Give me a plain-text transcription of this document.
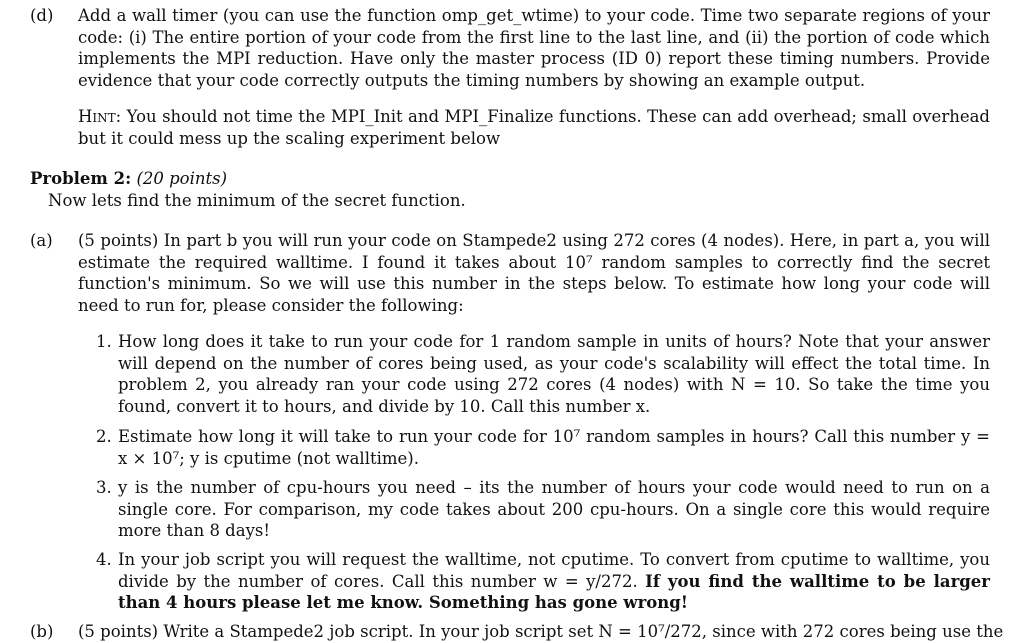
(d) Add a wall timer (you can use the function omp_get_wtime) to your code. Time two separate regions of your code: (i) The entire portion of your code from the first line to the last line, and (ii) the portion of code which implements the MPI reduction. Have only the master process (ID 0) report these timing numbers. Provide evidence that your code correctly outputs the timing numbers by showing an example output.
Hint: You should not time the MPI_Init and MPI_Finalize functions. These can add overhead; small overhead but it could mess up the scaling experiment below
Problem 2: (20 points)
Now lets find the minimum of the secret function.
(a) (5 points) In part b you will run your code on Stampede2 using 272 cores (4 nodes). Here, in part a, you will estimate the required walltime. I found it takes about 10⁷ random samples to correctly find the secret function's minimum. So we will use this number in the steps below. To estimate how long your code will need to run for, please consider the following:
1. How long does it take to run your code for 1 random sample in units of hours? Note that your answer will depend on the number of cores being used, as your code's scalability will effect the total time. In problem 2, you already ran your code using 272 cores (4 nodes) with N = 10. So take the time you found, convert it to hours, and divide by 10. Call this number x.
2. Estimate how long it will take to run your code for 10⁷ random samples in hours? Call this number y = x × 10⁷; y is cputime (not walltime).
3. y is the number of cpu-hours you need – its the number of hours your code would need to run on a single core. For comparison, my code takes about 200 cpu-hours. On a single core this would require more than 8 days!
4. In your job script you will request the walltime, not cputime. To convert from cputime to walltime, you divide by the number of cores. Call this number w = y/272. If you find the walltime to be larger than 4 hours please let me know. Something has gone wrong!
(b) (5 points) Write a Stampede2 job script. In your job script set N = 10⁷/272, since with 272 cores being use the
